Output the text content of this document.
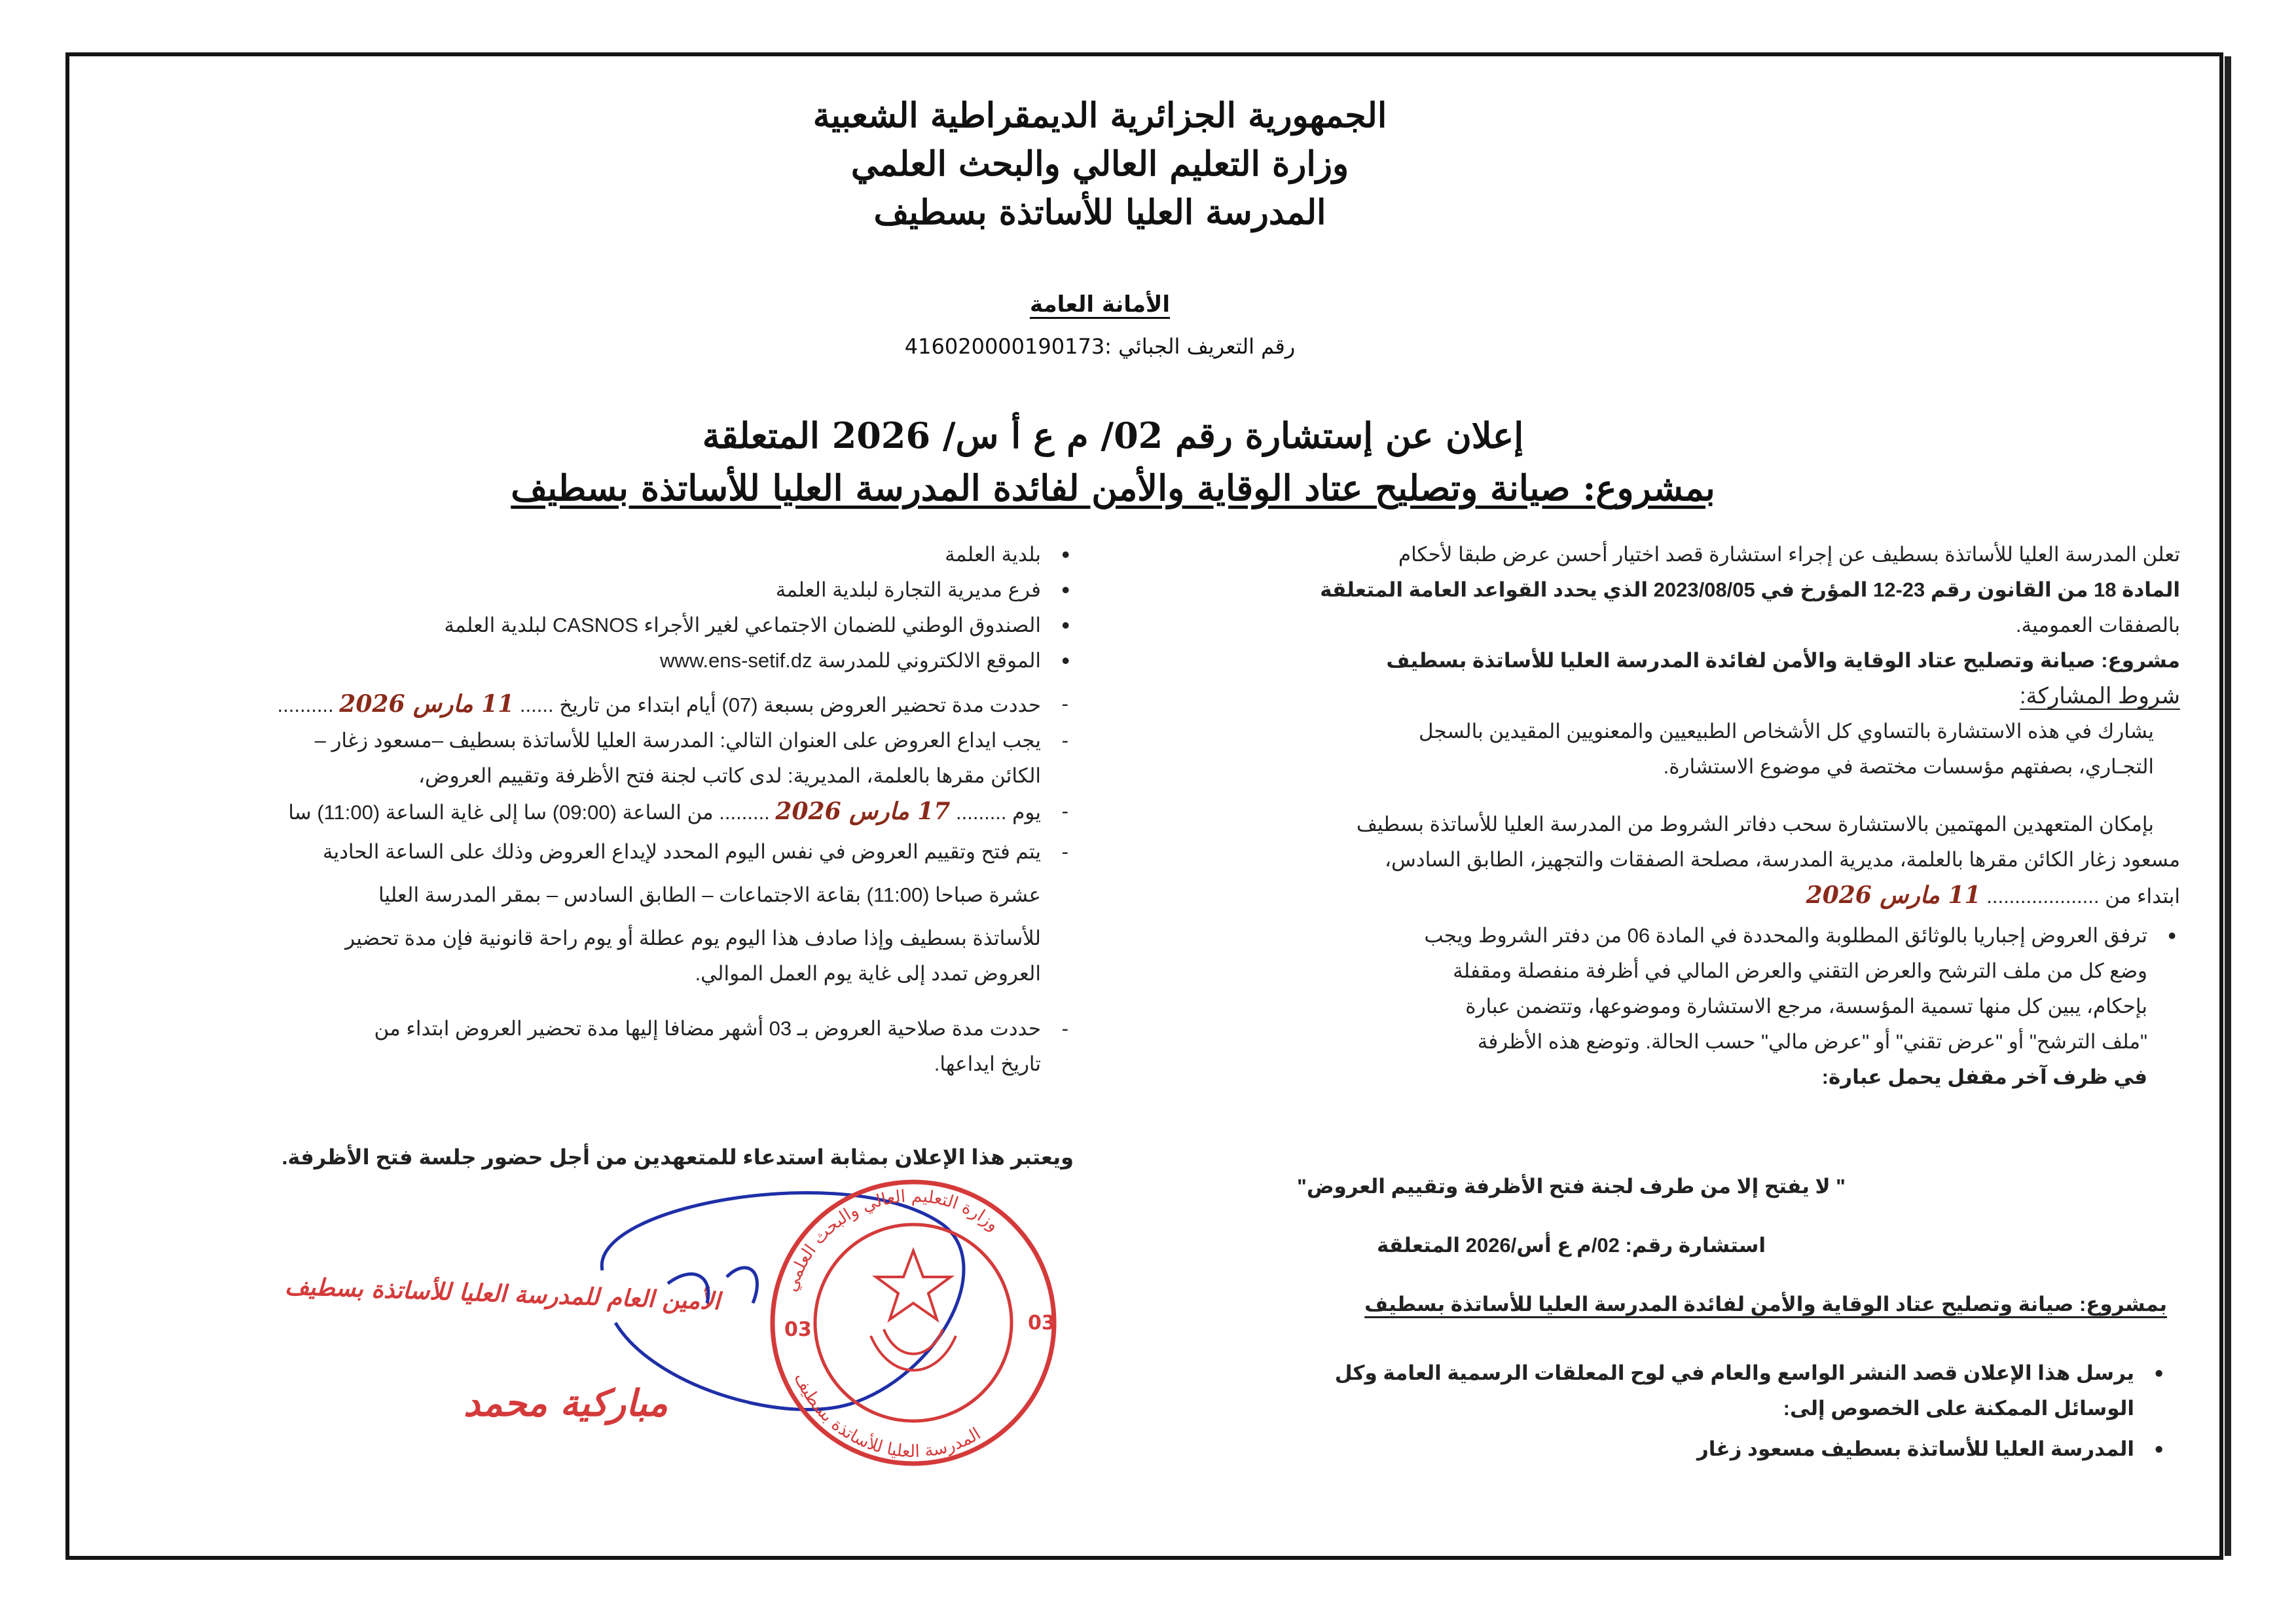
الجمهورية الجزائرية الديمقراطية الشعبية
وزارة التعليم العالي والبحث العلمي
المدرسة العليا للأساتذة بسطيف
الأمانة العامة
رقم التعريف الجبائي :416020000190173
إعلان عن إستشارة رقم 02/ م ع أ س/ 2026 المتعلقة
بمشروع: صيانة وتصليح عتاد الوقاية والأمن لفائدة المدرسة العليا للأساتذة بسطيف
تعلن المدرسة العليا للأساتذة بسطيف عن إجراء استشارة قصد اختيار أحسن عرض طبقا لأحكام
المادة 18 من القانون رقم 23-12 المؤرخ في 2023/08/05 الذي يحدد القواعد العامة المتعلقة
بالصفقات العمومية.
مشروع: صيانة وتصليح عتاد الوقاية والأمن لفائدة المدرسة العليا للأساتذة بسطيف
شروط المشاركة:
يشارك في هذه الاستشارة بالتساوي كل الأشخاص الطبيعيين والمعنويين المقيدين بالسجل
التجـاري، بصفتهم مؤسسات مختصة في موضوع الاستشارة.
بإمكان المتعهدين المهتمين بالاستشارة سحب دفاتر الشروط من المدرسة العليا للأساتذة بسطيف
مسعود زغار الكائن مقرها بالعلمة، مديرية المدرسة، مصلحة الصفقات والتجهيز، الطابق السادس،
ابتداء من .................... 11 مارس 2026
• ترفق العروض إجباريا بالوثائق المطلوبة والمحددة في المادة 06 من دفتر الشروط ويجب
وضع كل من ملف الترشح والعرض التقني والعرض المالي في أظرفة منفصلة ومقفلة
بإحكام، يبين كل منها تسمية المؤسسة، مرجع الاستشارة وموضوعها، وتتضمن عبارة
"ملف الترشح" أو "عرض تقني" أو "عرض مالي" حسب الحالة. وتوضع هذه الأظرفة
في ظرف آخر مقفل يحمل عبارة:
" لا يفتح إلا من طرف لجنة فتح الأظرفة وتقييم العروض"
استشارة رقم: 02/م ع أس/2026 المتعلقة
بمشروع: صيانة وتصليح عتاد الوقاية والأمن لفائدة المدرسة العليا للأساتذة بسطيف
• يرسل هذا الإعلان قصد النشر الواسع والعام في لوح المعلقات الرسمية العامة وكل
الوسائل الممكنة على الخصوص إلى:
• المدرسة العليا للأساتذة بسطيف مسعود زغار
• بلدية العلمة
• فرع مديرية التجارة لبلدية العلمة
• الصندوق الوطني للضمان الاجتماعي لغير الأجراء CASNOS لبلدية العلمة
• الموقع الالكتروني للمدرسة www.ens-setif.dz
- حددت مدة تحضير العروض بسبعة (07) أيام ابتداء من تاريخ ...... 11 مارس 2026 ..........
- يجب ايداع العروض على العنوان التالي: المدرسة العليا للأساتذة بسطيف –مسعود زغار –
الكائن مقرها بالعلمة، المديرية: لدى كاتب لجنة فتح الأظرفة وتقييم العروض،
- يوم ......... 17 مارس 2026 ......... من الساعة (09:00) سا إلى غاية الساعة (11:00) سا
- يتم فتح وتقييم العروض في نفس اليوم المحدد لإيداع العروض وذلك على الساعة الحادية
عشرة صباحا (11:00) بقاعة الاجتماعات – الطابق السادس – بمقر المدرسة العليا
للأساتذة بسطيف وإذا صادف هذا اليوم يوم عطلة أو يوم راحة قانونية فإن مدة تحضير
العروض تمدد إلى غاية يوم العمل الموالي.
- حددت مدة صلاحية العروض بـ 03 أشهر مضافا إليها مدة تحضير العروض ابتداء من
تاريخ ايداعها.
ويعتبر هذا الإعلان بمثابة استدعاء للمتعهدين من أجل حضور جلسة فتح الأظرفة.
الأمين العام للمدرسة العليا للأساتذة بسطيف
مباركية محمد
وزارة التعليم العالي والبحث العلمي
المدرسة العليا للأساتذة بسطيف
03
03
